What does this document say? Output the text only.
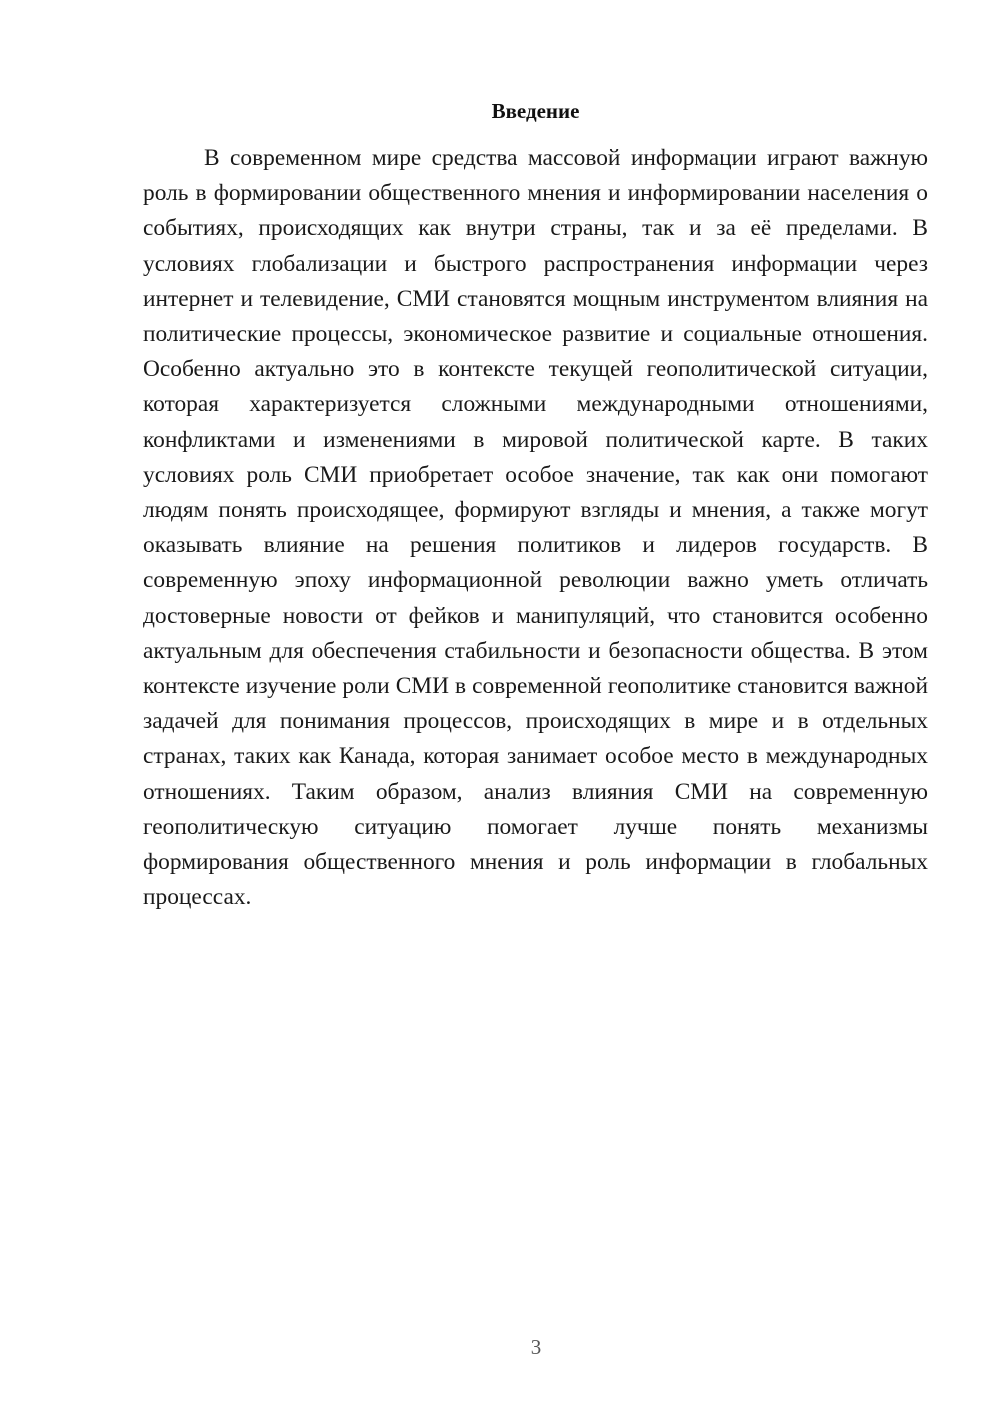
Введение

В современном мире средства массовой информации играют важную роль в формировании общественного мнения и информировании населения о событиях, происходящих как внутри страны, так и за её пределами. В условиях глобализации и быстрого распространения информации через интернет и телевидение, СМИ становятся мощным инструментом влияния на политические процессы, экономическое развитие и социальные отношения. Особенно актуально это в контексте текущей геополитической ситуации, которая характеризуется сложными международными отношениями, конфликтами и изменениями в мировой политической карте. В таких условиях роль СМИ приобретает особое значение, так как они помогают людям понять происходящее, формируют взгляды и мнения, а также могут оказывать влияние на решения политиков и лидеров государств. В современную эпоху информационной революции важно уметь отличать достоверные новости от фейков и манипуляций, что становится особенно актуальным для обеспечения стабильности и безопасности общества. В этом контексте изучение роли СМИ в современной геополитике становится важной задачей для понимания процессов, происходящих в мире и в отдельных странах, таких как Канада, которая занимает особое место в международных отношениях. Таким образом, анализ влияния СМИ на современную геополитическую ситуацию помогает лучше понять механизмы формирования общественного мнения и роль информации в глобальных процессах.

3
